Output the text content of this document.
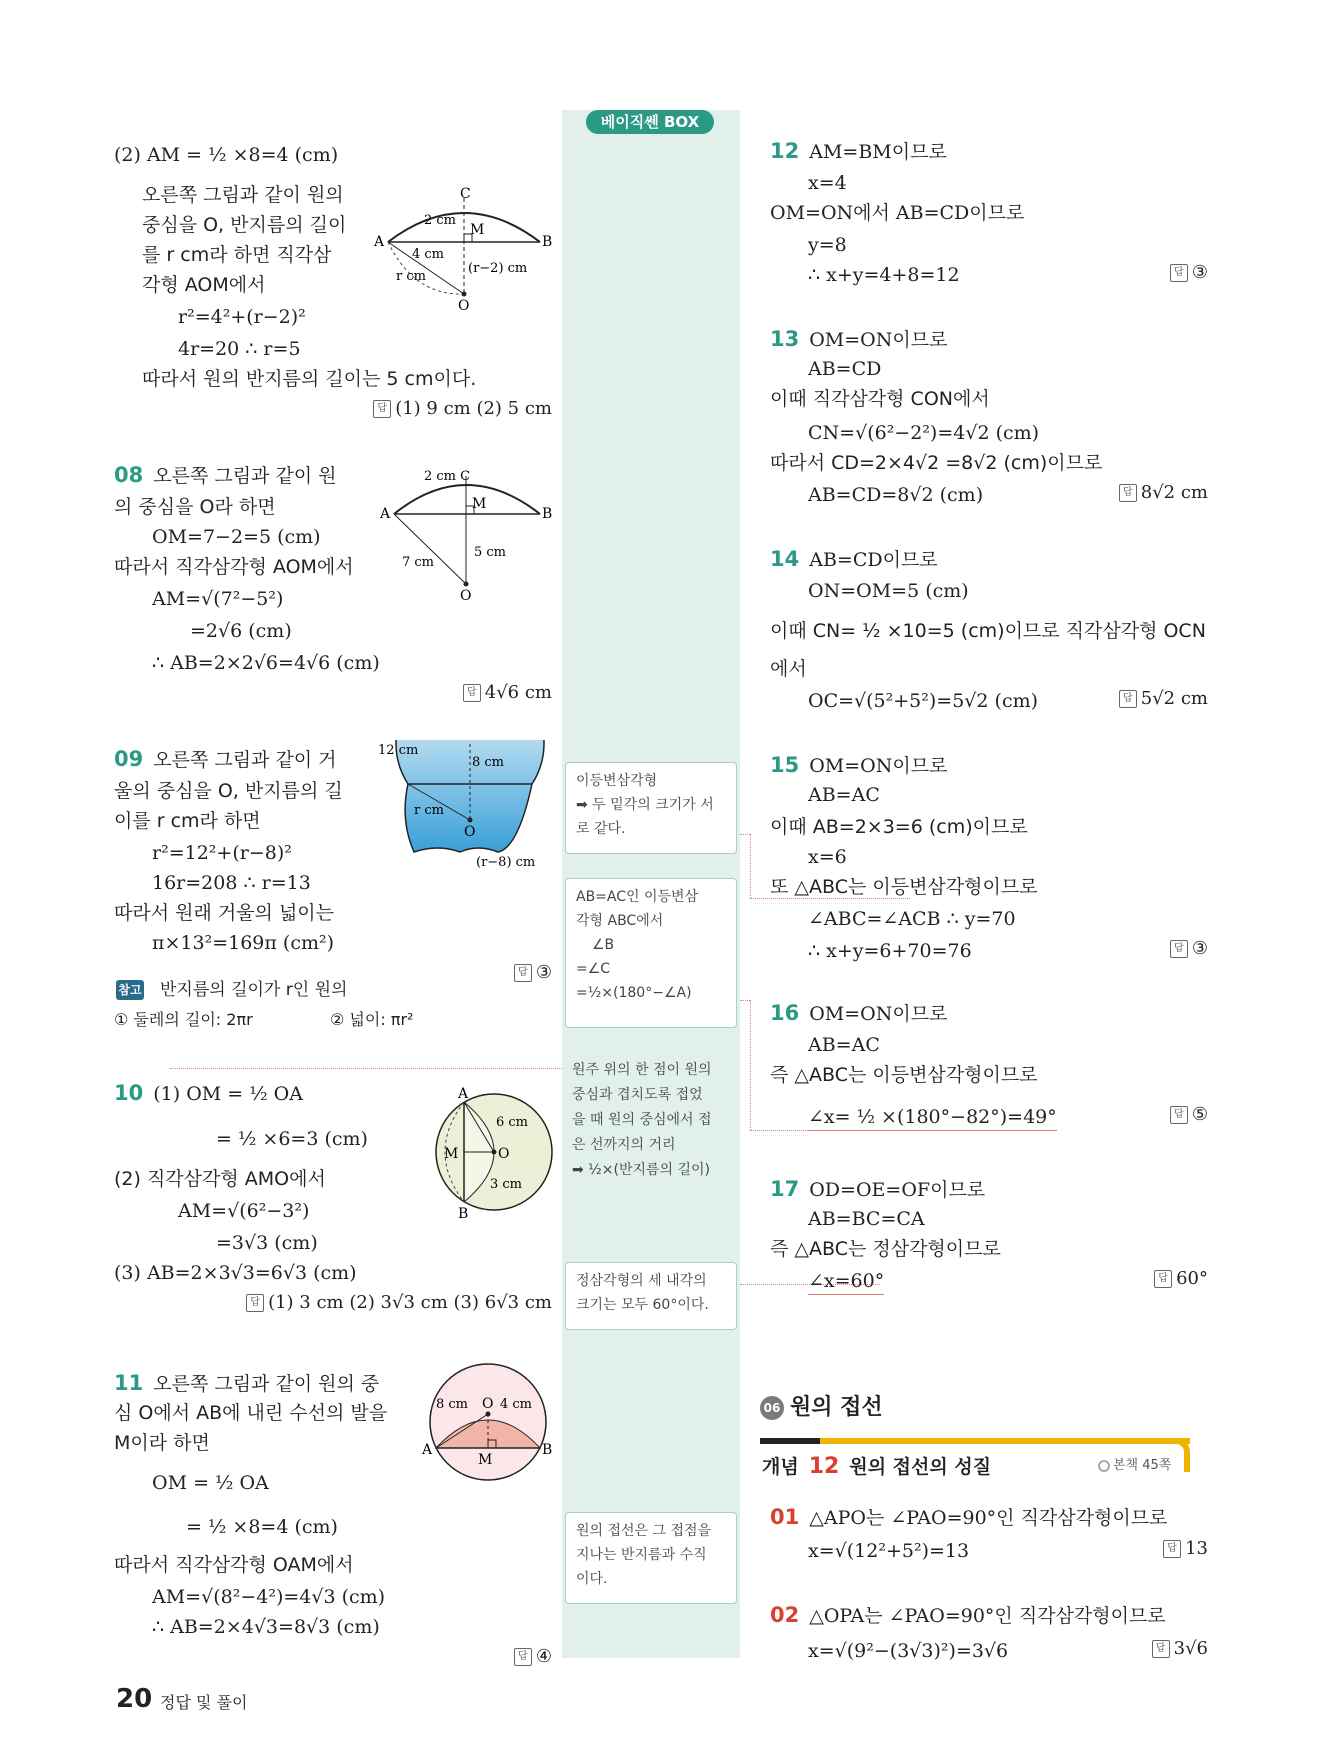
베이직쎈 BOX
이등변삼각형
➡ 두 밑각의 크기가 서로 같다.
AB=AC인 이등변삼
각형 ABC에서
∠B
=∠C
=½×(180°−∠A)
원주 위의 한 점이 원의
중심과 겹치도록 접었
을 때 원의 중심에서 접
은 선까지의 거리
➡ ½×(반지름의 길이)
정삼각형의 세 내각의
크기는 모두 60°이다.
원의 접선은 그 접점을
지나는 반지름과 수직
이다.
(2) AM = ½ ×8=4 (cm)
오른쪽 그림과 같이 원의
중심을 O, 반지름의 길이
를 r cm라 하면 직각삼
각형 AOM에서
r²=4²+(r−2)²
4r=20 ∴ r=5
따라서 원의 반지름의 길이는 5 cm이다.
답 (1) 9 cm (2) 5 cm
C
A	B
M
O
2 cm
4 cm
(r−2) cm
r cm
08 오른쪽 그림과 같이 원
의 중심을 O라 하면
OM=7−2=5 (cm)
따라서 직각삼각형 AOM에서
AM=√(7²−5²)
=2√6 (cm)
∴ AB=2×2√6=4√6 (cm)
답 4√6 cm
2 cm C
A	B
M
O
7 cm
5 cm
09 오른쪽 그림과 같이 거
울의 중심을 O, 반지름의 길
이를 r cm라 하면
r²=12²+(r−8)²
16r=208 ∴ r=13
따라서 원래 거울의 넓이는
π×13²=169π (cm²)
답 ③
12 cm
8 cm
r cm
O
(r−8) cm
참고 반지름의 길이가 r인 원의
① 둘레의 길이: 2πr	② 넓이: πr²
10 (1) OM = ½ OA
= ½ ×6=3 (cm)
(2) 직각삼각형 AMO에서
AM=√(6²−3²)
=3√3 (cm)
(3) AB=2×3√3=6√3 (cm)
답 (1) 3 cm (2) 3√3 cm (3) 6√3 cm
A
B
M	O
6 cm
3 cm
11 오른쪽 그림과 같이 원의 중
심 O에서 AB에 내린 수선의 발을
M이라 하면
OM = ½ OA
= ½ ×8=4 (cm)
따라서 직각삼각형 OAM에서
AM=√(8²−4²)=4√3 (cm)
∴ AB=2×4√3=8√3 (cm)
답 ④
8 cm O 4 cm
A
M
B
12 AM=BM이므로
x=4
OM=ON에서 AB=CD이므로
y=8
∴ x+y=4+8=12	답 ③
13 OM=ON이므로
AB=CD
이때 직각삼각형 CON에서
CN=√(6²−2²)=4√2 (cm)
따라서 CD=2×4√2 =8√2 (cm)이므로
AB=CD=8√2 (cm)	답 8√2 cm
14 AB=CD이므로
ON=OM=5 (cm)
이때 CN= ½ ×10=5 (cm)이므로 직각삼각형 OCN
에서
OC=√(5²+5²)=5√2 (cm)	답 5√2 cm
15 OM=ON이므로
AB=AC
이때 AB=2×3=6 (cm)이므로
x=6
또 △ABC는 이등변삼각형이므로
∠ABC=∠ACB ∴ y=70
∴ x+y=6+70=76	답 ③
16 OM=ON이므로
AB=AC
즉 △ABC는 이등변삼각형이므로
∠x= ½ ×(180°−82°)=49°	답 ⑤
17 OD=OE=OF이므로
AB=BC=CA
즉 △ABC는 정삼각형이므로
∠x=60°	답 60°
06 원의 접선
개념 12 원의 접선의 성질	본책 45쪽
01 △APO는 ∠PAO=90°인 직각삼각형이므로
x=√(12²+5²)=13	답 13
02 △OPA는 ∠PAO=90°인 직각삼각형이므로
x=√(9²−(3√3)²)=3√6	답 3√6
20 정답 및 풀이
